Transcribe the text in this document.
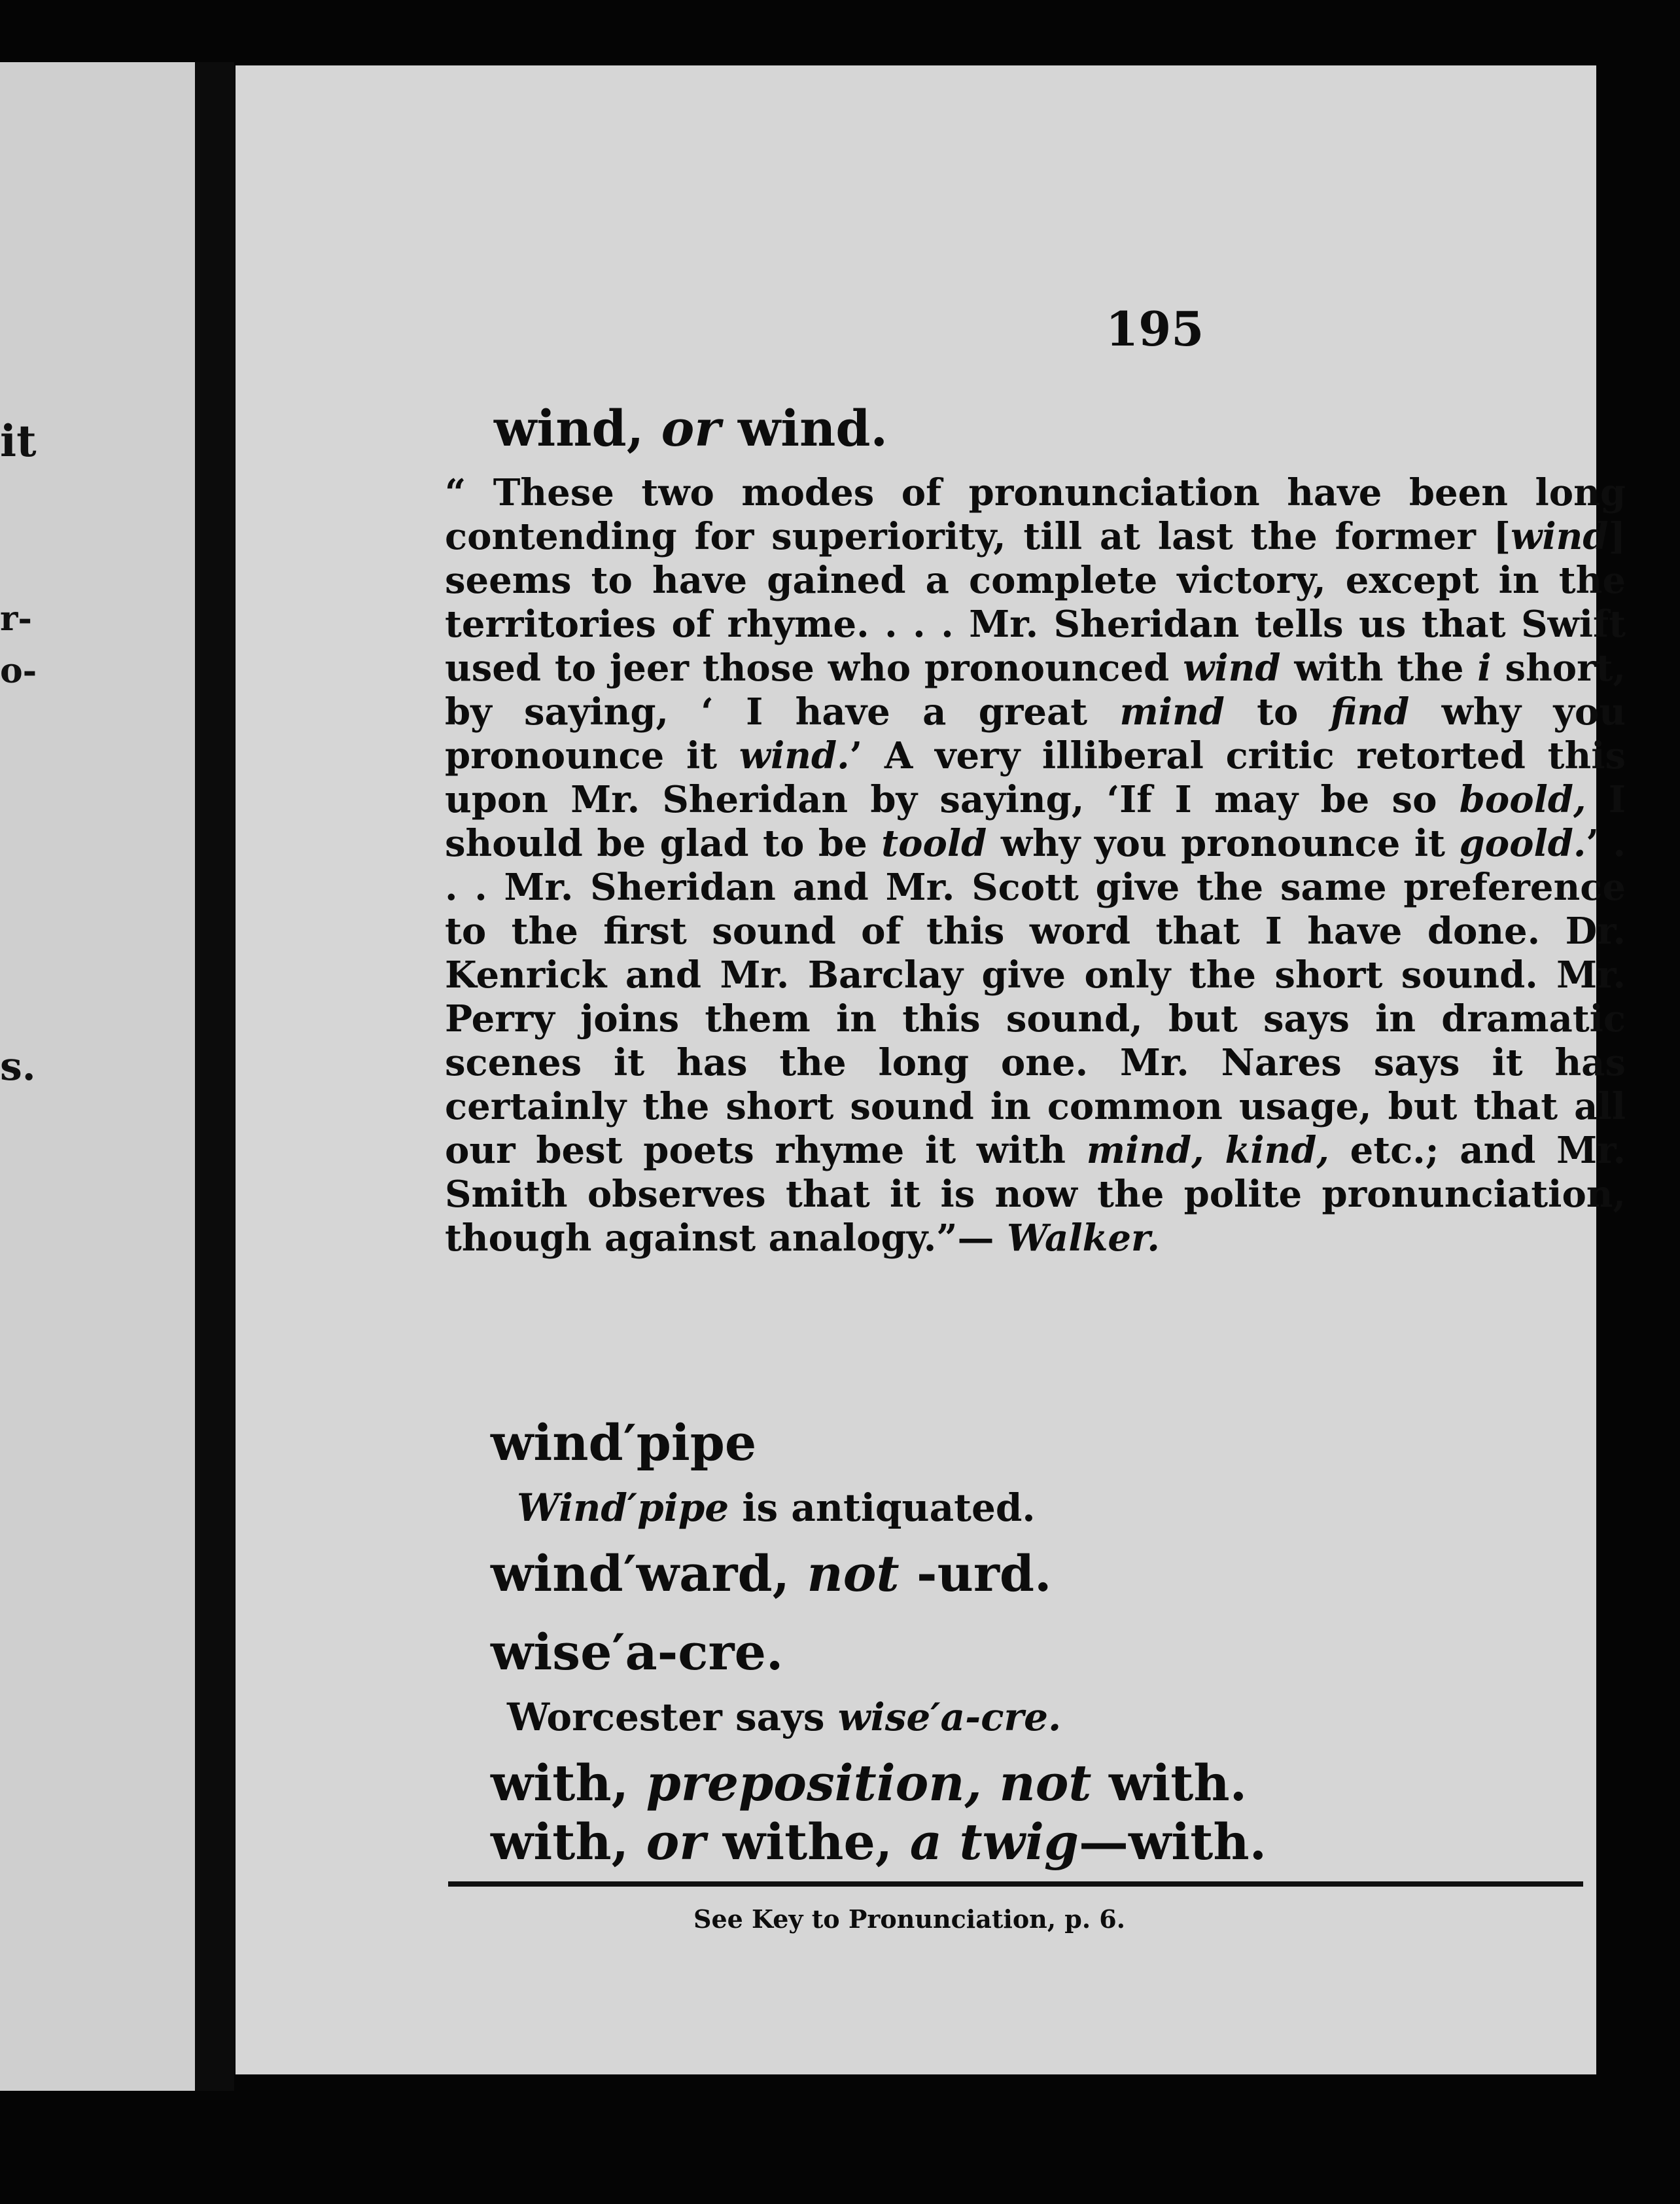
it
r-
o-
s.
195
wind, or wind.
“ These two modes of pronunciation have been long contending for superiority, till at last the former [wind] seems to have gained a complete victory, except in the territories of rhyme. . . . Mr. Sheridan tells us that Swift used to jeer those who pronounced wind with the i short, by saying, ‘ I have a great mind to find why you pronounce it wind.’ A very illiberal critic retorted this upon Mr. Sheridan by saying, ‘If I may be so boold, I should be glad to be toold why you pronounce it goold.’ . . . Mr. Sheridan and Mr. Scott give the same preference to the first sound of this word that I have done. Dr. Kenrick and Mr. Barclay give only the short sound. Mr. Perry joins them in this sound, but says in dramatic scenes it has the long one. Mr. Nares says it has certainly the short sound in common usage, but that all our best poets rhyme it with mind, kind, etc.; and Mr. Smith observes that it is now the polite pronunciation, though against analogy.”— Walker.
wind′pipe
Wind′pipe is antiquated.
wind′ward, not -urd.
wise′a-cre.
Worcester says wise′a-cre.
with, preposition, not with.
with, or withe, a twig—with.
See Key to Pronunciation, p. 6.
